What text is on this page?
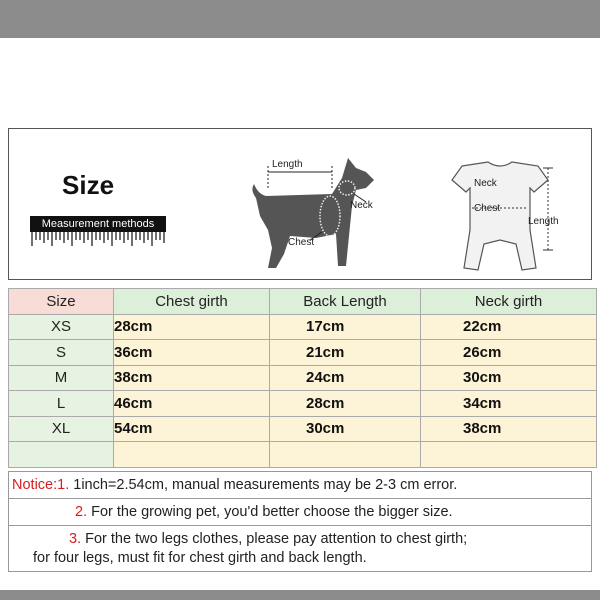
Size
Measurement methods
Length
Neck
Chest
Neck
Chest
Length
Size	Chest girth	Back Length	Neck girth
XS	28cm	17cm	22cm
S	36cm	21cm	26cm
M	38cm	24cm	30cm
L	46cm	28cm	34cm
XL	54cm	30cm	38cm

Notice:1. 1inch=2.54cm, manual measurements may be 2-3 cm error.
2. For the growing pet, you'd better choose the bigger size.
3. For the two legs clothes, please pay attention to chest girth;
for four legs, must fit for chest girth and back length.
